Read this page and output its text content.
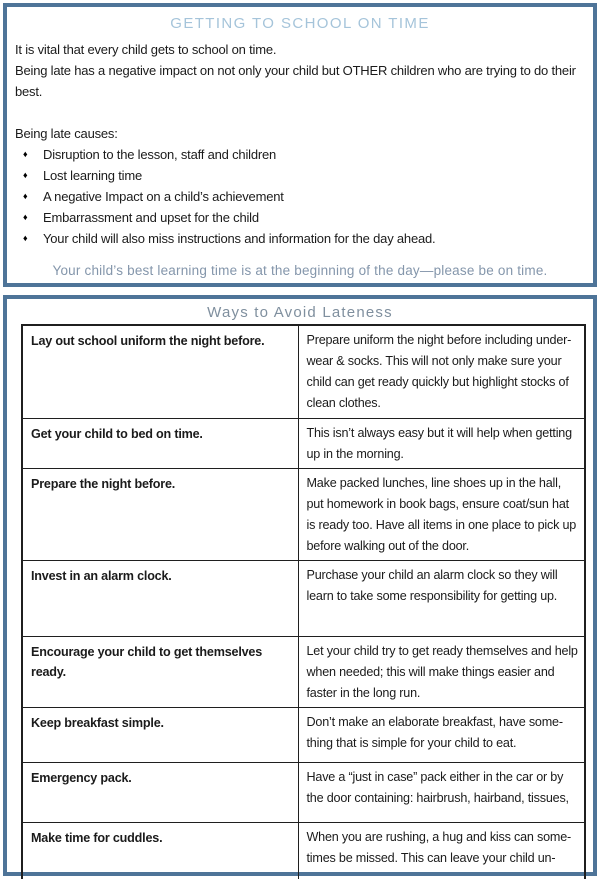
GETTING TO SCHOOL ON TIME

It is vital that every child gets to school on time.

Being late has a negative impact on not only your child but OTHER children who are trying to do their best.

Being late causes:

♦	Disruption to the lesson, staff and children
♦	Lost learning time
♦	A negative Impact on a child’s achievement
♦	Embarrassment and upset for the child
♦	Your child will also miss instructions and information for the day ahead.

Your child’s best learning time is at the beginning of the day—please be on time.

Ways to Avoid Lateness
Lay out school uniform the night before.	Prepare uniform the night before including under-
wear & socks. This will not only make sure your
child can get ready quickly but highlight stocks of
clean clothes.

Get your child to bed on time.	This isn’t always easy but it will help when getting
up in the morning.

Prepare the night before.	Make packed lunches, line shoes up in the hall,
put homework in book bags, ensure coat/sun hat
is ready too. Have all items in one place to pick up
before walking out of the door.

Invest in an alarm clock.	Purchase your child an alarm clock so they will
learn to take some responsibility for getting up.

Encourage your child to get themselves ready.	Let your child try to get ready themselves and help
when needed; this will make things easier and
faster in the long run.

Keep breakfast simple.	Don’t make an elaborate breakfast, have some-
thing that is simple for your child to eat.

Emergency pack.	Have a “just in case” pack either in the car or by
the door containing: hairbrush, hairband, tissues,

Make time for cuddles.	When you are rushing, a hug and kiss can some-
times be missed. This can leave your child un-
